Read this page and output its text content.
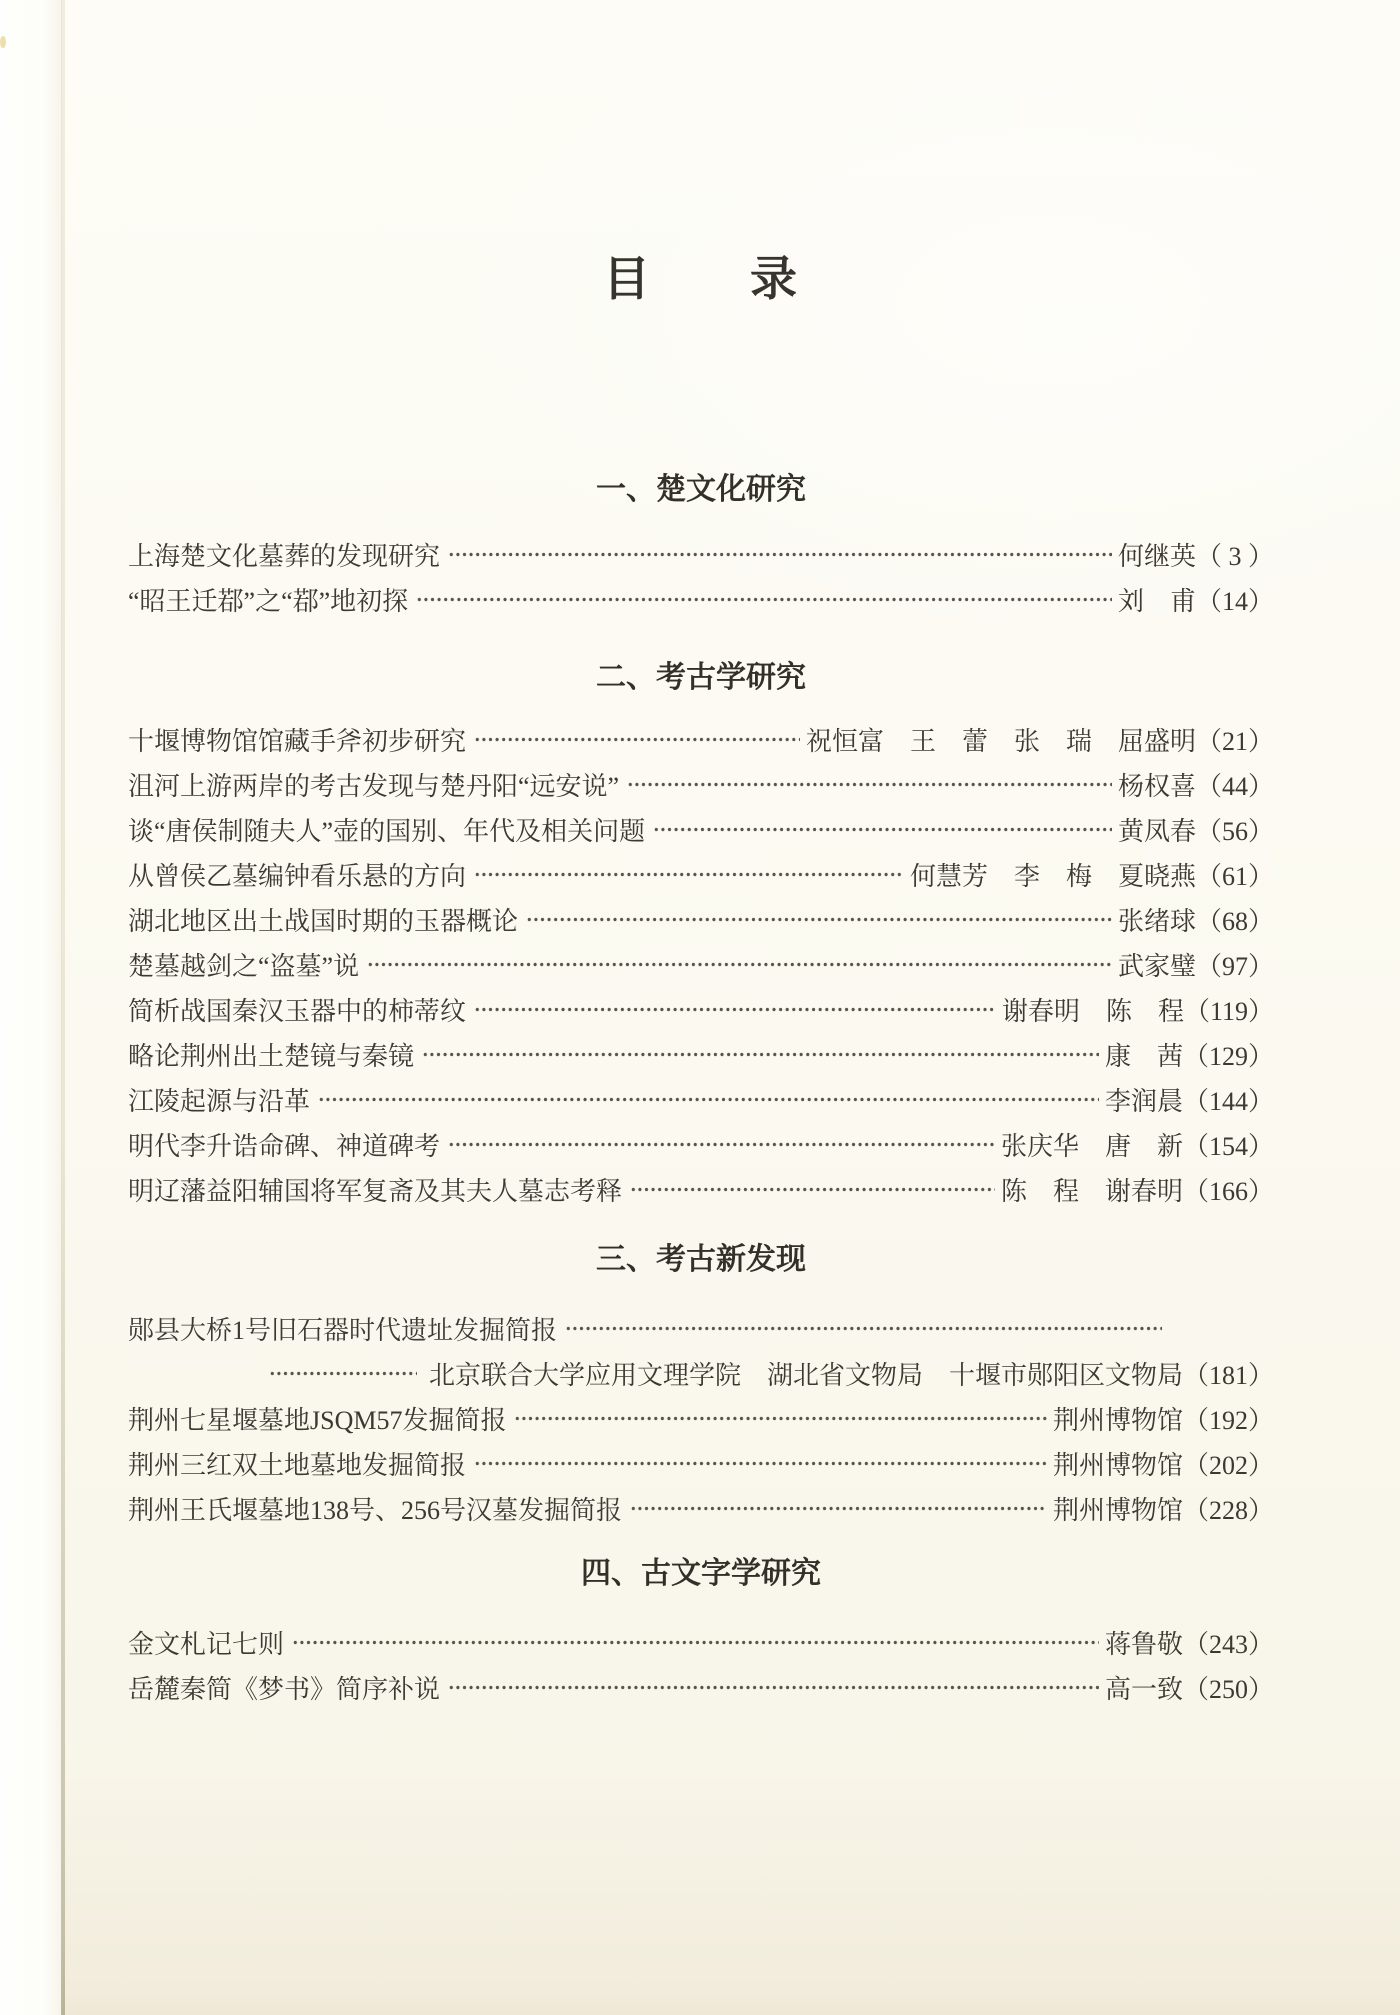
目　　录
一、楚文化研究
上海楚文化墓葬的发现研究	何继英 （ 3 ）
“昭王迁鄀”之“鄀”地初探	刘　甫 （14）
二、考古学研究
十堰博物馆馆藏手斧初步研究	祝恒富　王　蕾　张　瑞　屈盛明 （21）
沮河上游两岸的考古发现与楚丹阳“远安说”	杨权喜 （44）
谈“唐侯制随夫人”壶的国别、年代及相关问题	黄凤春 （56）
从曾侯乙墓编钟看乐悬的方向	何慧芳　李　梅　夏晓燕 （61）
湖北地区出土战国时期的玉器概论	张绪球 （68）
楚墓越剑之“盗墓”说	武家璧 （97）
简析战国秦汉玉器中的柿蒂纹	谢春明　陈　程 （119）
略论荆州出土楚镜与秦镜	康　茜 （129）
江陵起源与沿革	李润晨 （144）
明代李升诰命碑、神道碑考	张庆华　唐　新 （154）
明辽藩益阳辅国将军复斋及其夫人墓志考释	陈　程　谢春明 （166）
三、考古新发现
郧县大桥1号旧石器时代遗址发掘简报
北京联合大学应用文理学院　湖北省文物局　十堰市郧阳区文物局 （181）
荆州七星堰墓地JSQM57发掘简报	荆州博物馆 （192）
荆州三红双土地墓地发掘简报	荆州博物馆 （202）
荆州王氏堰墓地138号、256号汉墓发掘简报	荆州博物馆 （228）
四、古文字学研究
金文札记七则	蒋鲁敬 （243）
岳麓秦简《梦书》简序补说	高一致 （250）
